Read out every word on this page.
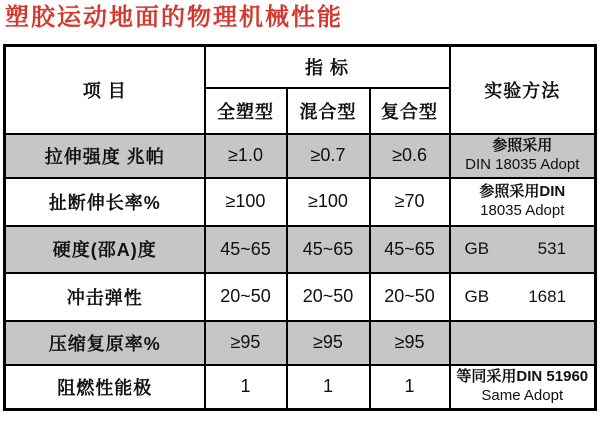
塑胶运动地面的物理机械性能
项 目	指 标			实验方法
	全塑型	混合型	复合型	
拉伸强度 兆帕	≥1.0	≥0.7	≥0.6	参照采用
DIN 18035 Adopt

扯断伸长率%	≥100	≥100	≥70	参照采用DIN
18035 Adopt

硬度(邵A)度	45~65	45~65	45~65	GB 531

冲击弹性	20~50	20~50	20~50	GB 1681

压缩复原率%	≥95	≥95	≥95	
阻燃性能极	1	1	1	等同采用DIN 51960
Same Adopt
